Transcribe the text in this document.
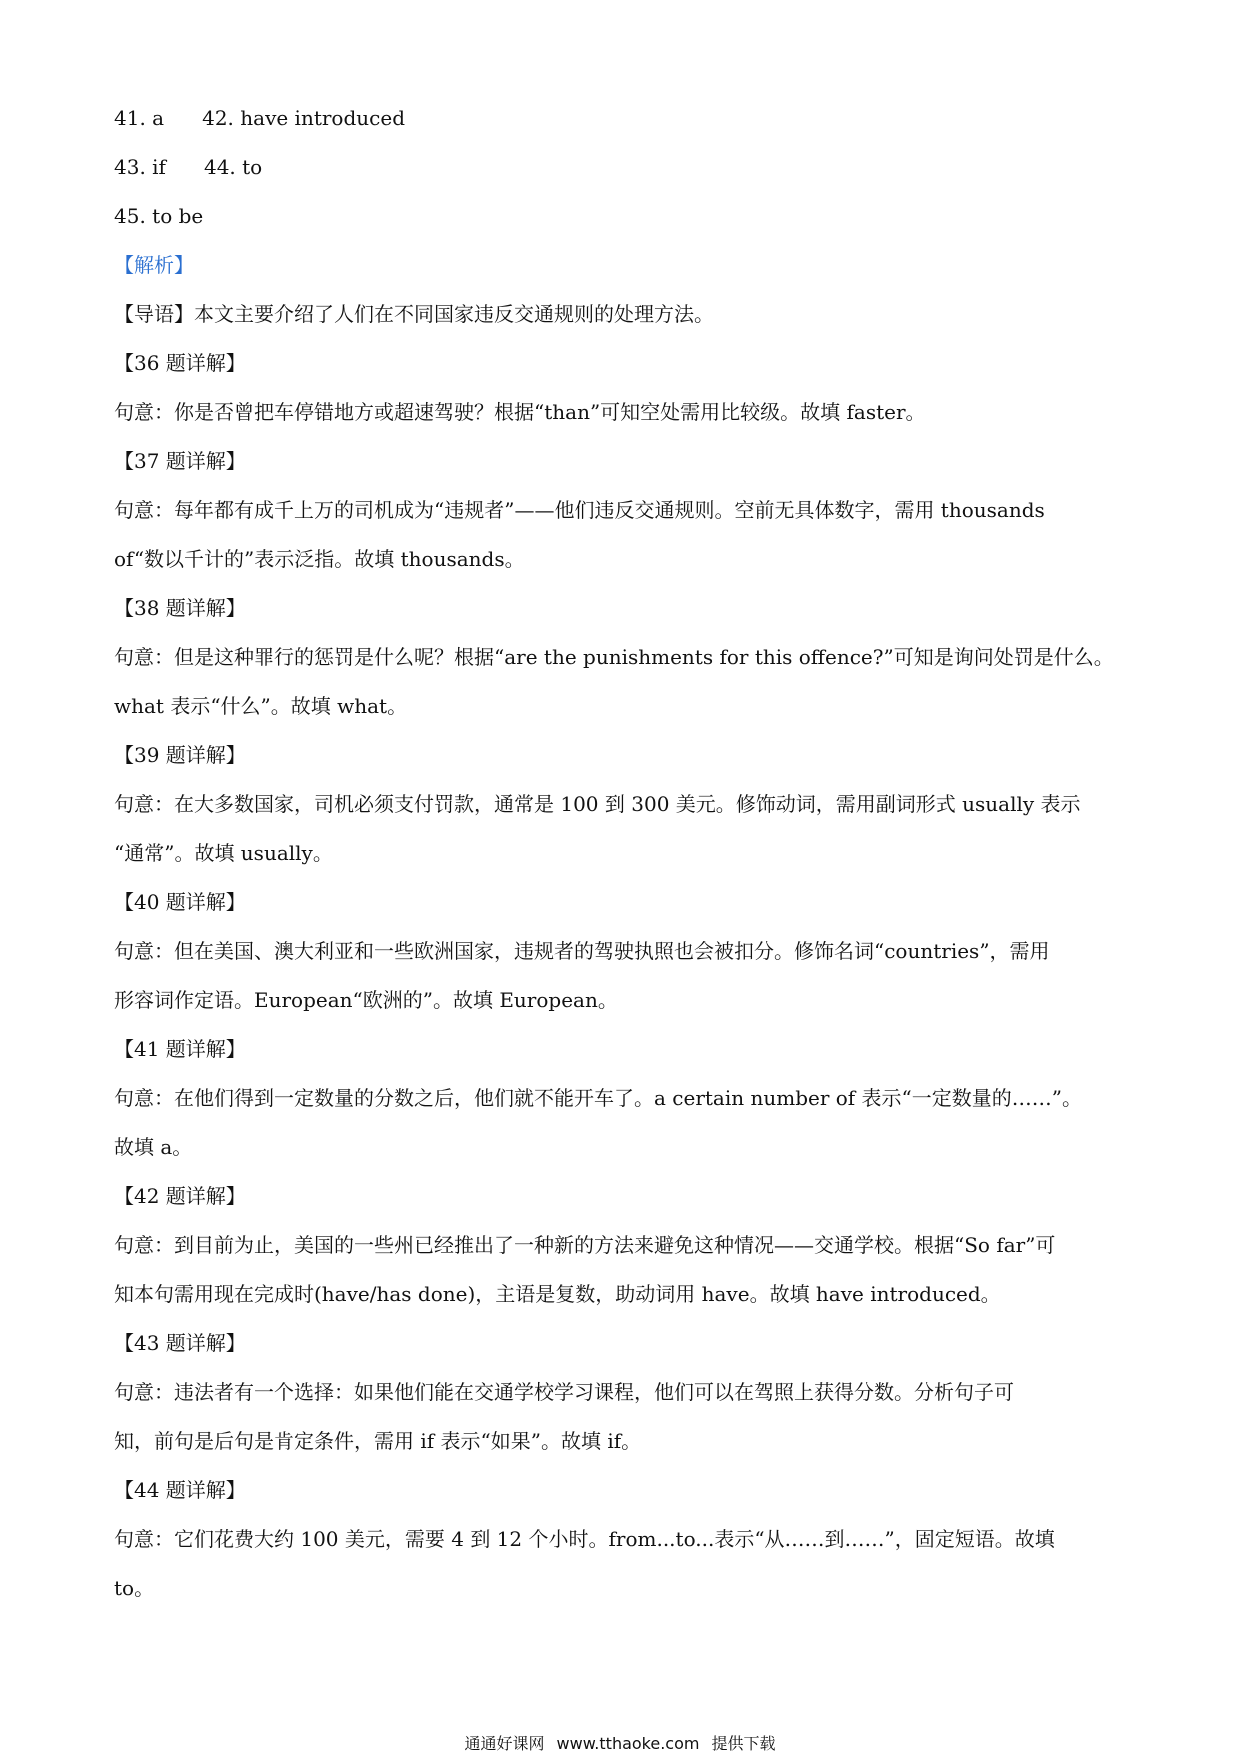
41. a 42. have introduced
43. if 44. to
45. to be
【解析】
【导语】本文主要介绍了人们在不同国家违反交通规则的处理方法。
【36 题详解】
句意：你是否曾把车停错地方或超速驾驶？根据“than”可知空处需用比较级。故填 faster。
【37 题详解】
句意：每年都有成千上万的司机成为“违规者”——他们违反交通规则。空前无具体数字，需用 thousands
of“数以千计的”表示泛指。故填 thousands。
【38 题详解】
句意：但是这种罪行的惩罚是什么呢？根据“are the punishments for this offence?”可知是询问处罚是什么。
what 表示“什么”。故填 what。
【39 题详解】
句意：在大多数国家，司机必须支付罚款，通常是 100 到 300 美元。修饰动词，需用副词形式 usually 表示
“通常”。故填 usually。
【40 题详解】
句意：但在美国、澳大利亚和一些欧洲国家，违规者的驾驶执照也会被扣分。修饰名词“countries”，需用
形容词作定语。European“欧洲的”。故填 European。
【41 题详解】
句意：在他们得到一定数量的分数之后，他们就不能开车了。a certain number of 表示“一定数量的……”。
故填 a。
【42 题详解】
句意：到目前为止，美国的一些州已经推出了一种新的方法来避免这种情况——交通学校。根据“So far”可
知本句需用现在完成时(have/has done)，主语是复数，助动词用 have。故填 have introduced。
【43 题详解】
句意：违法者有一个选择：如果他们能在交通学校学习课程，他们可以在驾照上获得分数。分析句子可
知，前句是后句是肯定条件，需用 if 表示“如果”。故填 if。
【44 题详解】
句意：它们花费大约 100 美元，需要 4 到 12 个小时。from...to...表示“从……到……”，固定短语。故填
to。
通通好课网 www.tthaoke.com 提供下载
